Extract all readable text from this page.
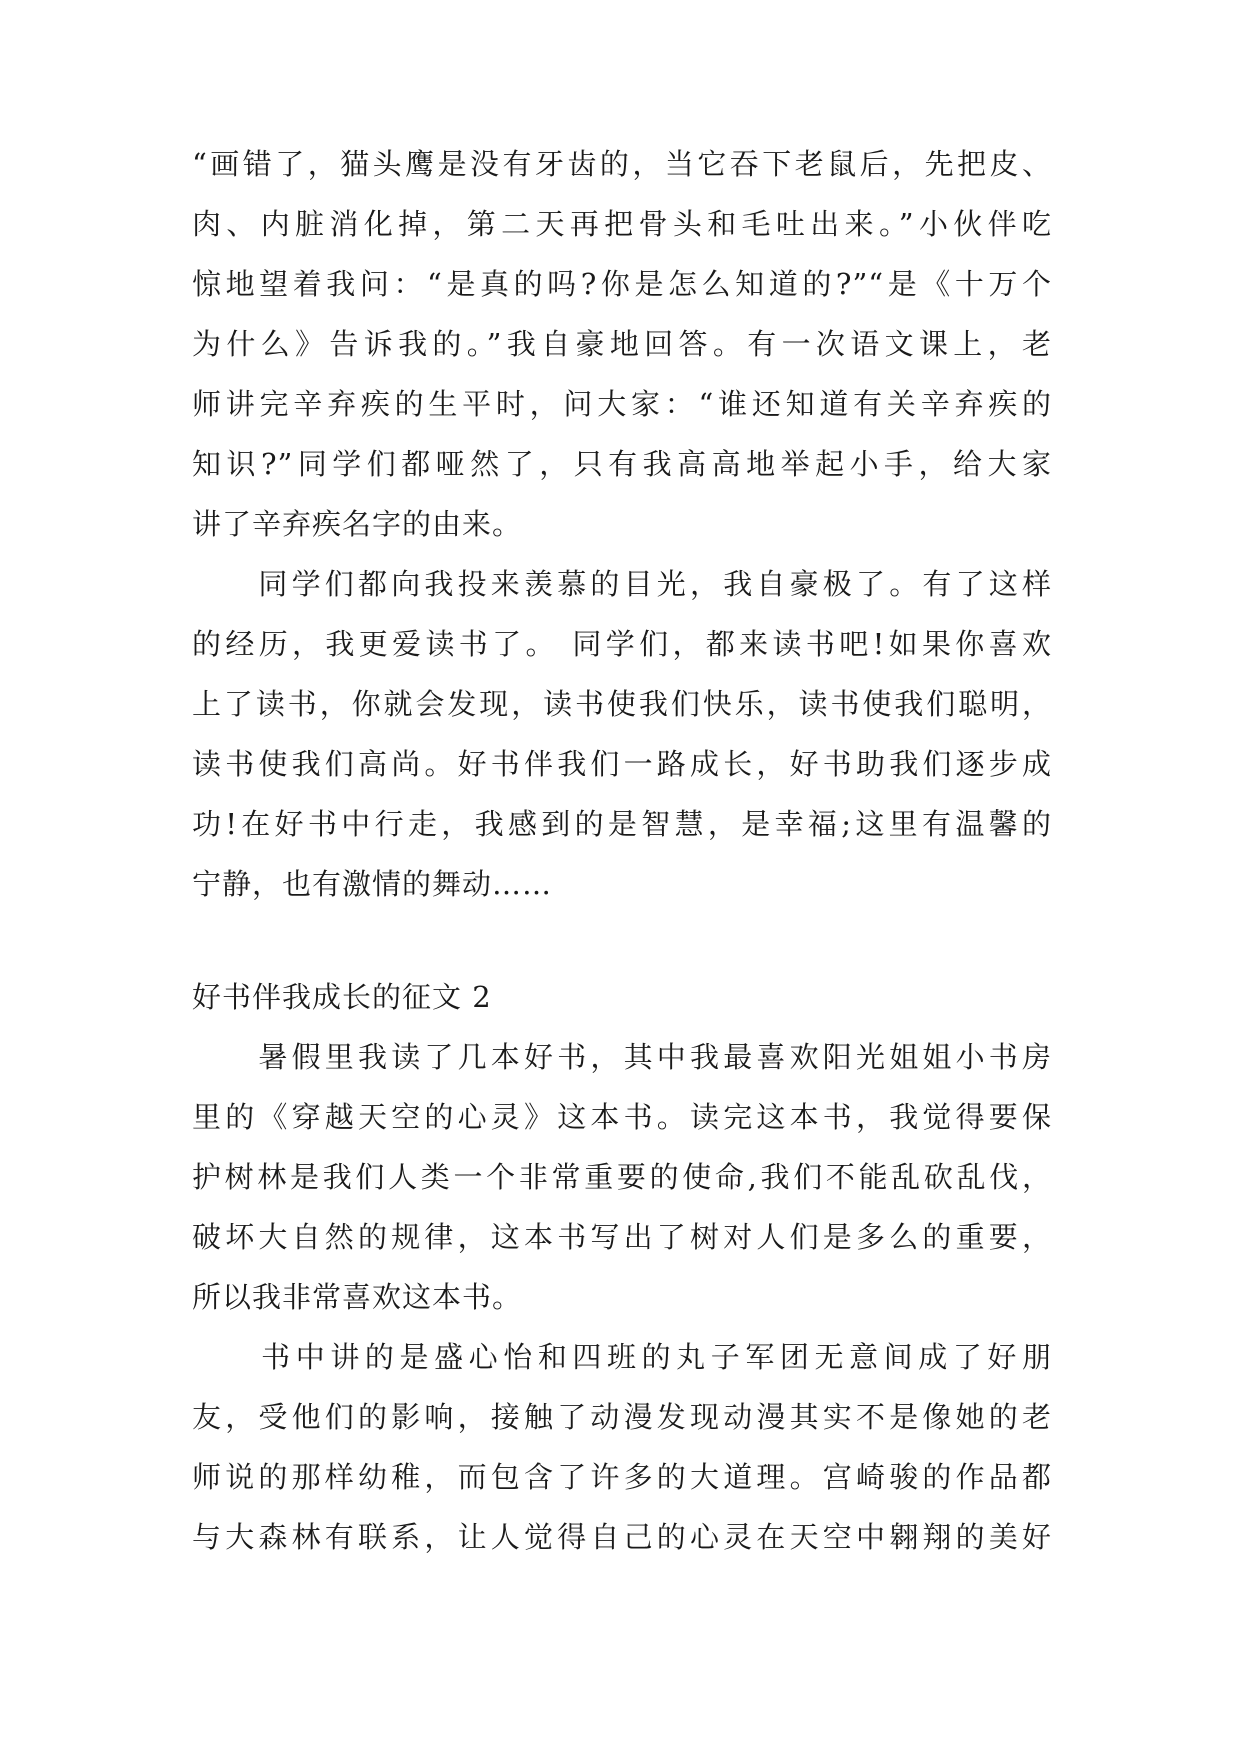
“画错了，猫头鹰是没有牙齿的，当它吞下老鼠后，先把皮、
肉、内脏消化掉，第二天再把骨头和毛吐出来。”小伙伴吃
惊地望着我问：“是真的吗?你是怎么知道的?”“是《十万个
为什么》告诉我的。”我自豪地回答。有一次语文课上，老
师讲完辛弃疾的生平时，问大家：“谁还知道有关辛弃疾的
知识?”同学们都哑然了，只有我高高地举起小手，给大家
讲了辛弃疾名字的由来。
　　同学们都向我投来羡慕的目光，我自豪极了。有了这样
的经历，我更爱读书了。 同学们，都来读书吧!如果你喜欢
上了读书，你就会发现，读书使我们快乐，读书使我们聪明，
读书使我们高尚。好书伴我们一路成长，好书助我们逐步成
功!在好书中行走，我感到的是智慧，是幸福;这里有温馨的
宁静，也有激情的舞动……
好书伴我成长的征文 2
　　暑假里我读了几本好书，其中我最喜欢阳光姐姐小书房
里的《穿越天空的心灵》这本书。读完这本书，我觉得要保
护树林是我们人类一个非常重要的使命,我们不能乱砍乱伐，
破坏大自然的规律，这本书写出了树对人们是多么的重要，
所以我非常喜欢这本书。
　　书中讲的是盛心怡和四班的丸子军团无意间成了好朋
友，受他们的影响，接触了动漫发现动漫其实不是像她的老
师说的那样幼稚，而包含了许多的大道理。宫崎骏的作品都
与大森林有联系，让人觉得自己的心灵在天空中翱翔的美好
